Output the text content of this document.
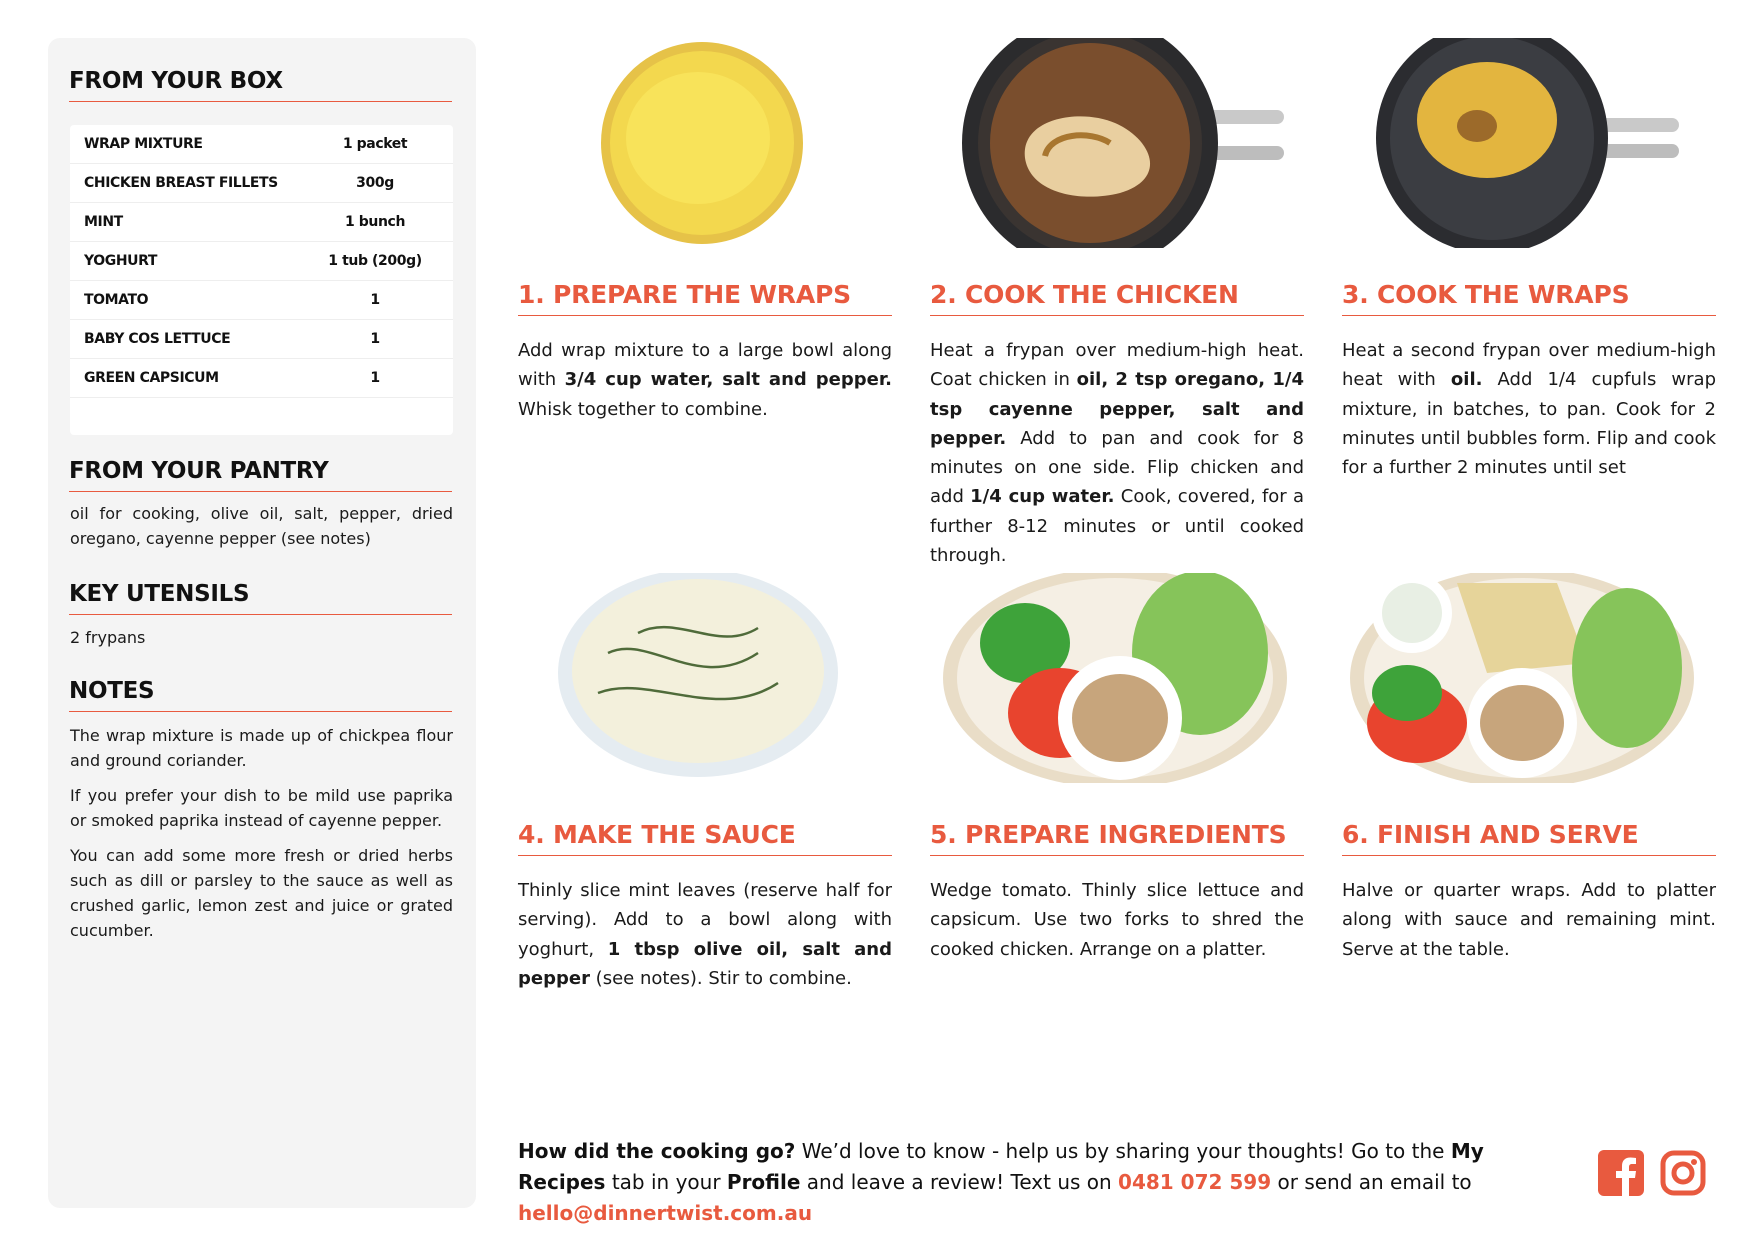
FROM YOUR BOX
WRAP MIXTURE	1 packet
CHICKEN BREAST FILLETS	300g
MINT	1 bunch
YOGHURT	1 tub (200g)
TOMATO	1
BABY COS LETTUCE	1
GREEN CAPSICUM	1
FROM YOUR PANTRY

oil for cooking, olive oil, salt, pepper, dried oregano, cayenne pepper (see notes)

KEY UTENSILS

2 frypans

NOTES

The wrap mixture is made up of chickpea flour and ground coriander.

If you prefer your dish to be mild use paprika or smoked paprika instead of cayenne pepper.

You can add some more fresh or dried herbs such as dill or parsley to the sauce as well as crushed garlic, lemon zest and juice or grated cucumber.

1. PREPARE THE WRAPS

Add wrap mixture to a large bowl along with 3/4 cup water, salt and pepper. Whisk together to combine.

2. COOK THE CHICKEN

Heat a frypan over medium-high heat. Coat chicken in oil, 2 tsp oregano, 1/4 tsp cayenne pepper, salt and pepper. Add to pan and cook for 8 minutes on one side. Flip chicken and add 1/4 cup water. Cook, covered, for a further 8-12 minutes or until cooked through.

3. COOK THE WRAPS

Heat a second frypan over medium-high heat with oil. Add 1/4 cupfuls wrap mixture, in batches, to pan. Cook for 2 minutes until bubbles form. Flip and cook for a further 2 minutes until set

4. MAKE THE SAUCE

Thinly slice mint leaves (reserve half for serving). Add to a bowl along with yoghurt, 1 tbsp olive oil, salt and pepper (see notes). Stir to combine.

5. PREPARE INGREDIENTS

Wedge tomato. Thinly slice lettuce and capsicum. Use two forks to shred the cooked chicken. Arrange on a platter.

6. FINISH AND SERVE

Halve or quarter wraps. Add to platter along with sauce and remaining mint. Serve at the table.

How did the cooking go? We’d love to know - help us by sharing your thoughts! Go to the My Recipes tab in your Profile and leave a review! Text us on 0481 072 599 or send an email to hello@dinnertwist.com.au
